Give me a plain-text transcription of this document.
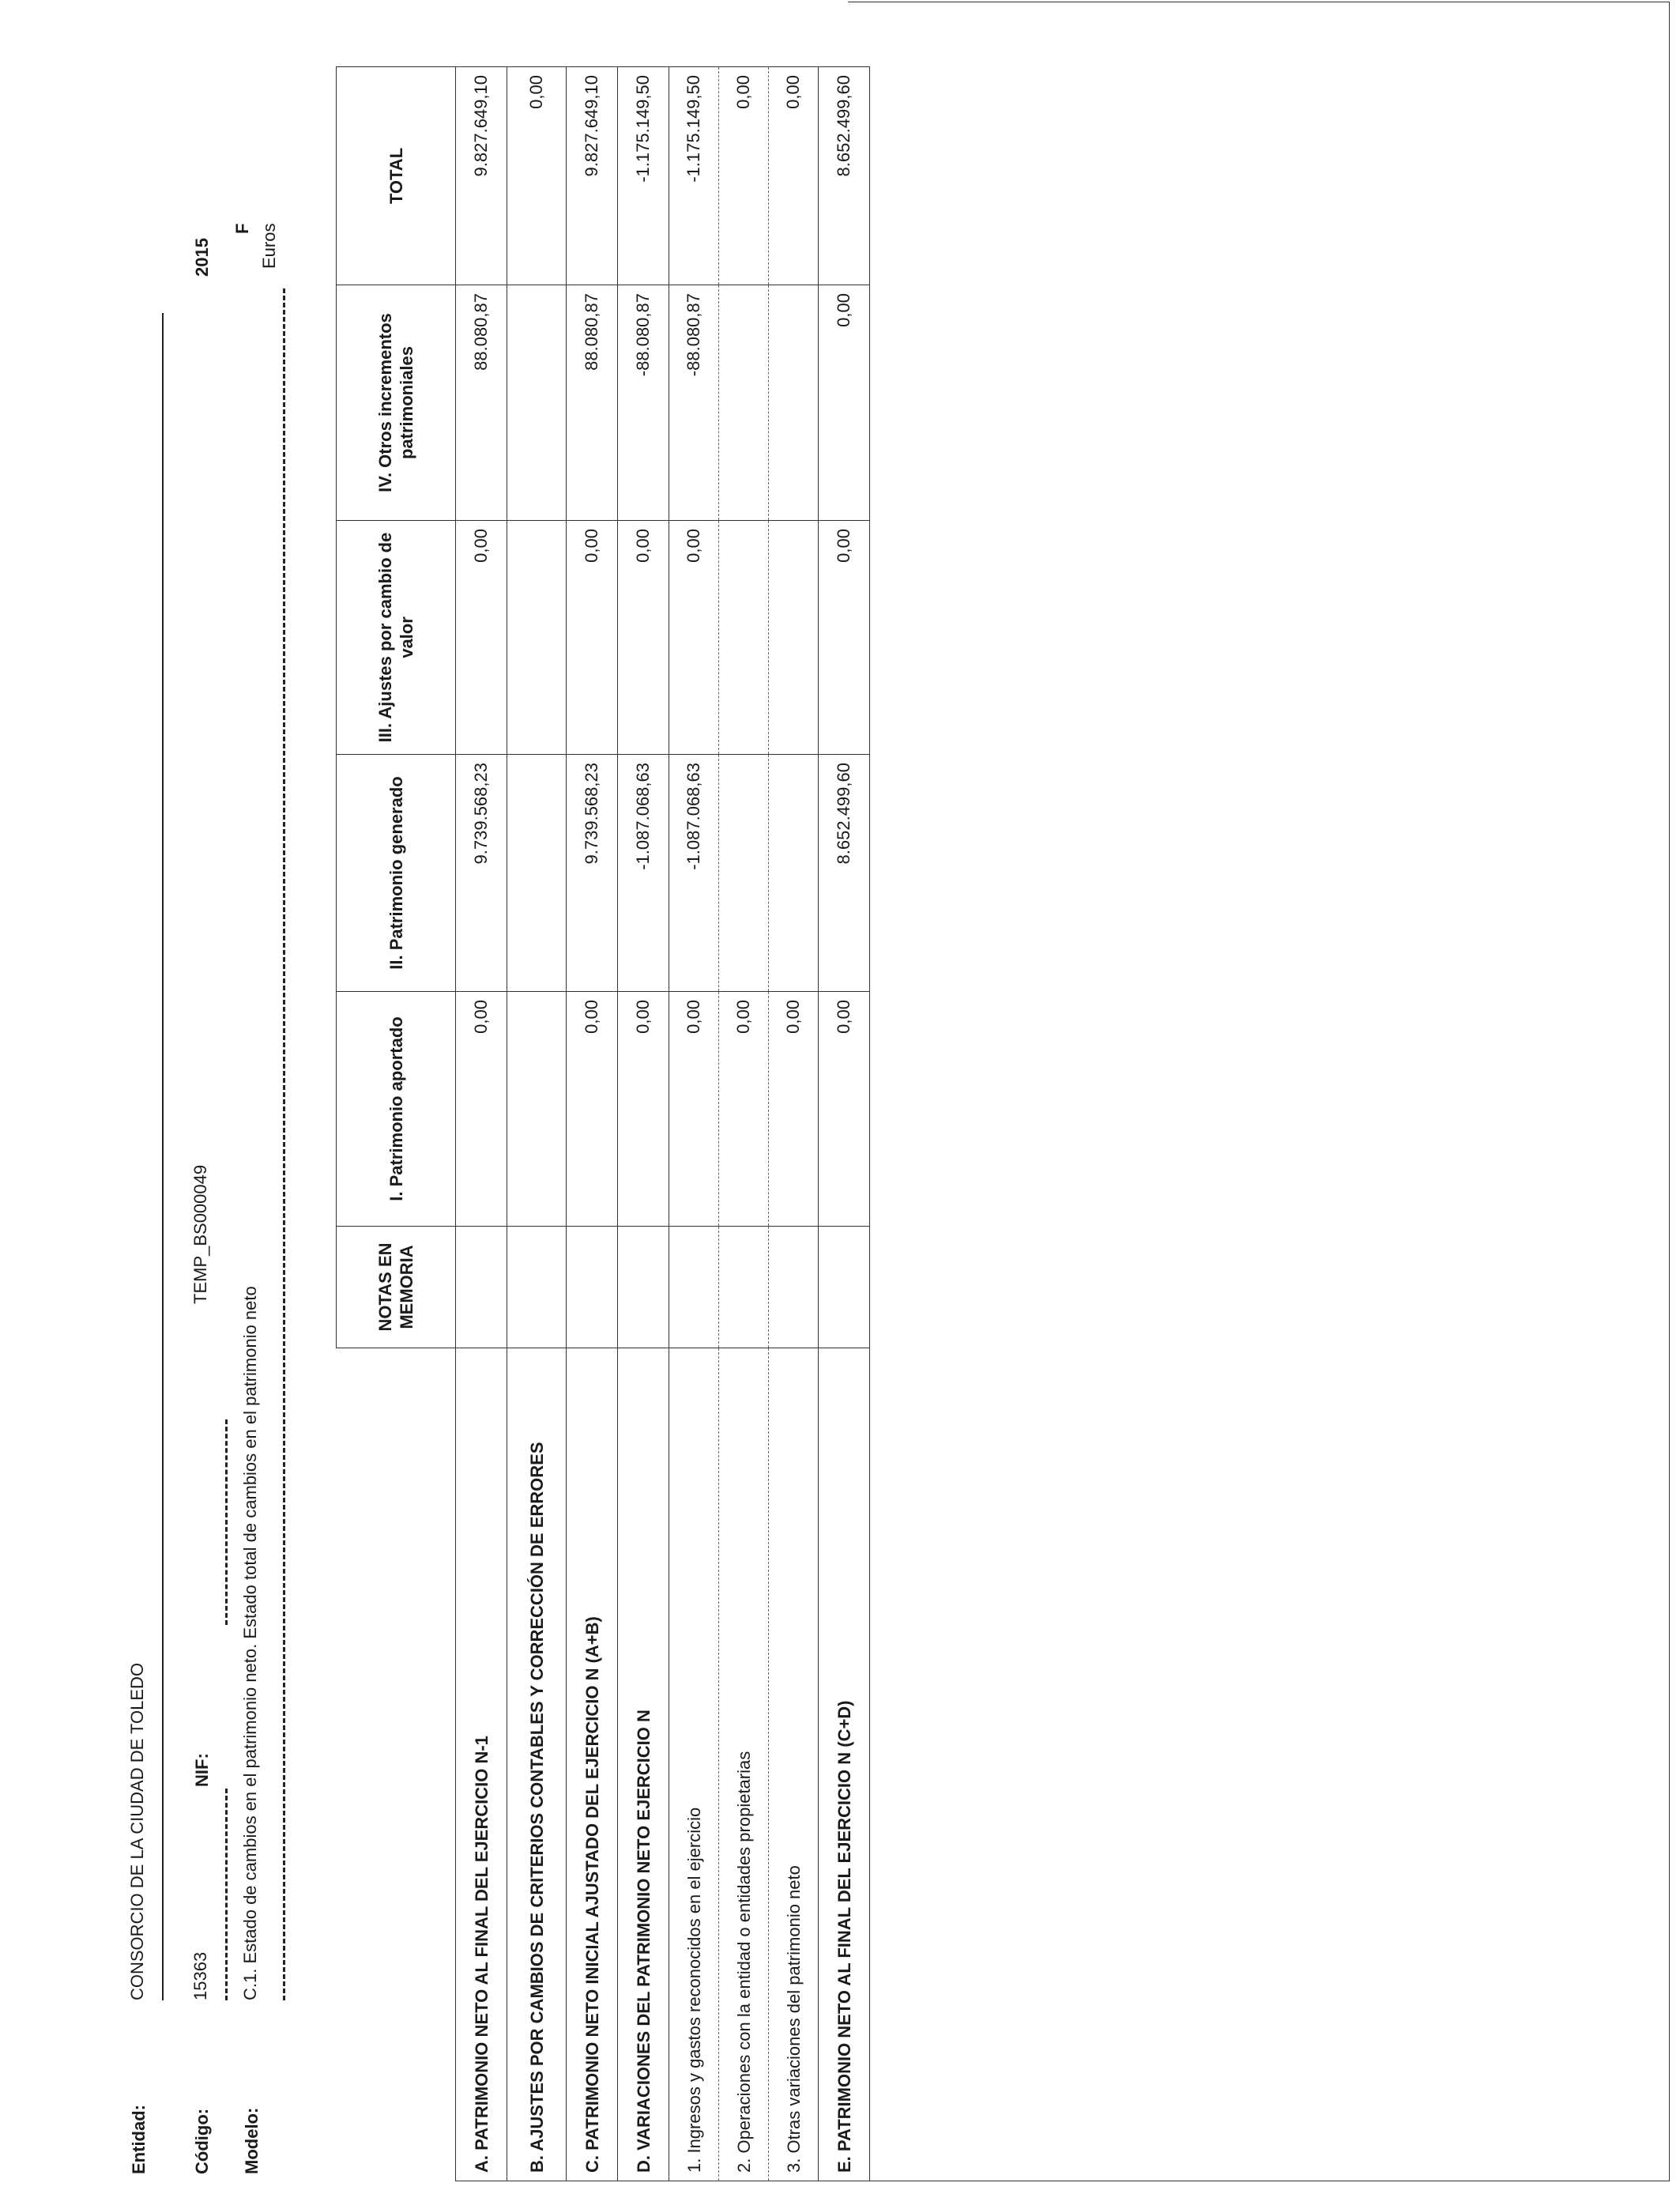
Entidad:
CONSORCIO DE LA CIUDAD DE TOLEDO
Código:
15363
NIF:
TEMP_BS000049
2015
F
Modelo:
C.1. Estado de cambios en el patrimonio neto. Estado total de cambios en el patrimonio neto
Euros
	NOTAS EN MEMORIA	I. Patrimonio aportado	II. Patrimonio generado	III. Ajustes por cambio de valor	IV. Otros incrementos patrimoniales	TOTAL
A. PATRIMONIO NETO AL FINAL DEL EJERCICIO N-1		0,00	9.739.568,23	0,00	88.080,87	9.827.649,10
B. AJUSTES POR CAMBIOS DE CRITERIOS CONTABLES Y CORRECCIÓN DE ERRORES						0,00
C. PATRIMONIO NETO INICIAL AJUSTADO DEL EJERCICIO N (A+B)		0,00	9.739.568,23	0,00	88.080,87	9.827.649,10
D. VARIACIONES DEL PATRIMONIO NETO EJERCICIO N		0,00	-1.087.068,63	0,00	-88.080,87	-1.175.149,50
1. Ingresos y gastos reconocidos en el ejercicio		0,00	-1.087.068,63	0,00	-88.080,87	-1.175.149,50
2. Operaciones con la entidad o entidades propietarias		0,00				0,00
3. Otras variaciones del patrimonio neto		0,00				0,00
E. PATRIMONIO NETO AL FINAL DEL EJERCICIO N (C+D)		0,00	8.652.499,60	0,00	0,00	8.652.499,60
